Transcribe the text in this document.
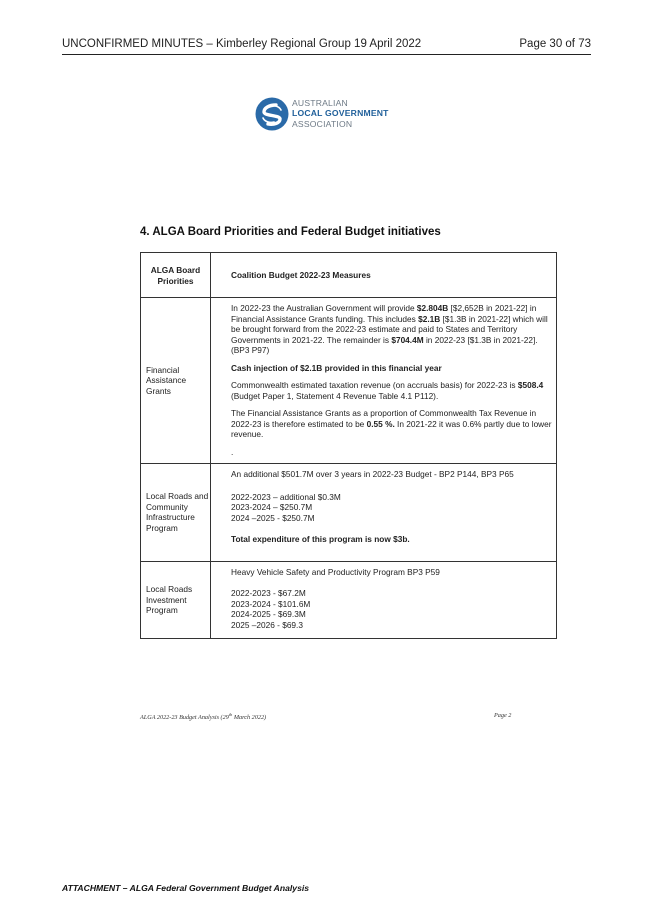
UNCONFIRMED MINUTES – Kimberley Regional Group 19 April 2022	Page 30 of 73
AUSTRALIAN
LOCAL GOVERNMENT
ASSOCIATION
4. ALGA Board Priorities and Federal Budget initiatives
ALGA Board Priorities	Coalition Budget 2022-23 Measures

Financial Assistance Grants	In 2022-23 the Australian Government will provide $2.804B [$2,652B in 2021-22] in Financial Assistance Grants funding. This includes $2.1B [$1.3B in 2021-22] which will be brought forward from the 2022-23 estimate and paid to States and Territory Governments in 2021-22. The remainder is $704.4M in 2022-23 [$1.3B in 2021-22]. (BP3 P97)

Cash injection of $2.1B provided in this financial year

Commonwealth estimated taxation revenue (on accruals basis) for 2022-23 is $508.4 (Budget Paper 1, Statement 4 Revenue Table 4.1 P112).

The Financial Assistance Grants as a proportion of Commonwealth Tax Revenue in 2022-23 is therefore estimated to be 0.55 %. In 2021-22 it was 0.6% partly due to lower revenue.

.

Local Roads and Community Infrastructure Program	An additional $501.7M over 3 years in 2022-23 Budget - BP2 P144, BP3 P65

2022-2023 – additional $0.3M
2023-2024 – $250.7M
2024 –2025 - $250.7M
Total expenditure of this program is now $3b.

Local Roads Investment Program	Heavy Vehicle Safety and Productivity Program BP3 P59

2022-2023 - $67.2M
2023-2024 - $101.6M
2024-2025 - $69.3M
2025 –2026 - $69.3
ALGA 2022-23 Budget Analysis (29th March 2022)	Page 2
ATTACHMENT – ALGA Federal Government Budget Analysis
